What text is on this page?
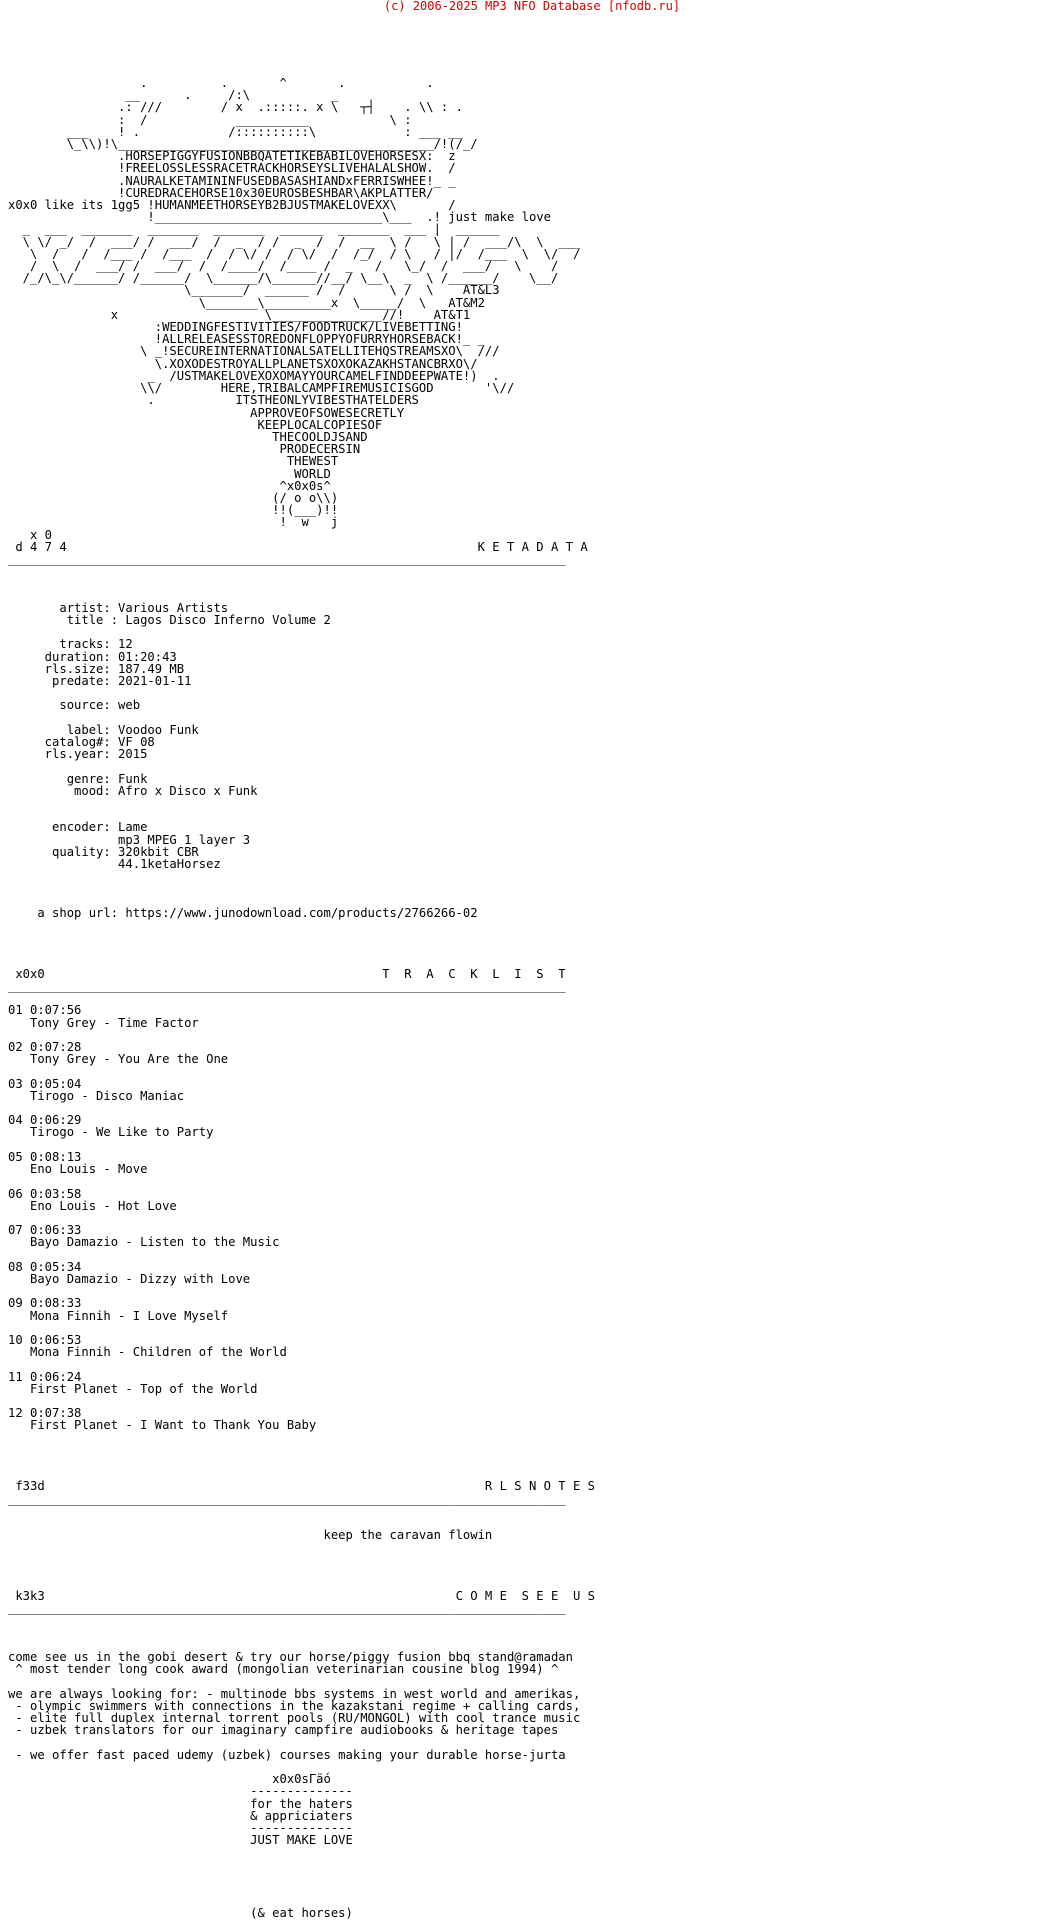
(c) 2006-2025 MP3 NFO Database [nfodb.ru]

.          .       ^       .           .
__      .     /:\           _
.: ///        / x  .:::::. x \   ┬┤    . \\ : .
:  /            __________           \ :
___    ! .            /::::::::::\            : ___ __
\_\\)!\___________________________________________/!(/_/
.HORSEPIGGYFUSIONBBQATETIKEBABILOVEHORSESX:  z
!FREELOSSLESSRACETRACKHORSEYSLIVEHALALSHOW.  /
.NAURALKETAMININFUSEDBASASHIANDxFERRISWHEE!_ _
!CUREDRACEHORSE10x30EUROSBESHBAR\AKPLATTER/
x0x0 like its 1gg5 !HUMANMEETHORSEYB2BJUSTMAKELOVEXX\       /
!_______________________________\___  .! just make love
_  ___  _______  _______  _______  ______  _______  ___ |  ______
\ \/ _/  /  ___/ /  ___/  /  _  / /  _  /  /  __  \ /   \ | /  ___/\  \  ___
\  /   /  /___ /  /___  /  / \/ /  / \/  /  /_/  / \   / |/  /___  \  \/  /
/  \  /  ___/ /  ___/  /  /____/  /____ /  _   /   \_/  /  ___/   \    /
/_/\_\/______/ /______/  \______/\______//__/ \__\  _  \ /______/    \__/
\_______/  ______ /  /      \ /  \    AT&L3
\_______\_________x  \_____/  \   AT&M2
x                    \_______________//!    AT&T1
:WEDDINGFESTIVITIES/FOODTRUCK/LIVEBETTING!
!ALLRELEASESSTOREDONFLOPPYOFURRYHORSEBACK!_ _
\ _!SECUREINTERNATIONALSATELLITEHQSTREAMSXO\  ///
\.XOXODESTROYALLPLANETSXOXOKAZAKHSTANCBRXO\/
_  /USTMAKELOVEXOXOMAYYOURCAMELFINDDEEPWATE!)  .
\\/        HERE,TRIBALCAMPFIREMUSICISGOD       '\//
.           ITSTHEONLYVIBESTHATELDERS
APPROVEOFSOWESECRETLY
KEEPLOCALCOPIESOF
THECOOLDJSAND
PRODECERSIN
THEWEST
WORLD
^x0x0s^
(/ o o\\)
!!(___)!!
!  w   j
x 0
d 4 7 4                                                        K E T A D A T A
____________________________________________________________________________

artist: Various Artists
title : Lagos Disco Inferno Volume 2

tracks: 12
duration: 01:20:43
rls.size: 187.49 MB
predate: 2021-01-11

source: web

label: Voodoo Funk
catalog#: VF 08
rls.year: 2015

genre: Funk
mood: Afro x Disco x Funk

encoder: Lame
mp3 MPEG 1 layer 3
quality: 320kbit CBR
44.1ketaHorsez

a shop url: https://www.junodownload.com/products/2766266-02

x0x0                                              T  R  A  C  K  L  I  S  T
____________________________________________________________________________

01 0:07:56
Tony Grey - Time Factor

02 0:07:28
Tony Grey - You Are the One

03 0:05:04
Tirogo - Disco Maniac

04 0:06:29
Tirogo - We Like to Party

05 0:08:13
Eno Louis - Move

06 0:03:58
Eno Louis - Hot Love

07 0:06:33
Bayo Damazio - Listen to the Music

08 0:05:34
Bayo Damazio - Dizzy with Love

09 0:08:33
Mona Finnih - I Love Myself

10 0:06:53
Mona Finnih - Children of the World

11 0:06:24
First Planet - Top of the World

12 0:07:38
First Planet - I Want to Thank You Baby

f33d                                                            R L S N O T E S
____________________________________________________________________________

keep the caravan flowin

k3k3                                                        C O M E  S E E  U S
____________________________________________________________________________

come see us in the gobi desert & try our horse/piggy fusion bbq stand@ramadan
^ most tender long cook award (mongolian veterinarian cousine blog 1994) ^

we are always looking for: - multinode bbs systems in west world and amerikas,
- olympic swimmers with connections in the kazakstani regime + calling cards,
- elite full duplex internal torrent pools (RU/MONGOL) with cool trance music
- uzbek translators for our imaginary campfire audiobooks & heritage tapes

- we offer fast paced udemy (uzbek) courses making your durable horse-jurta

x0x0sΓäó
--------------
for the haters
& appriciaters
--------------
JUST MAKE LOVE

(& eat horses)
